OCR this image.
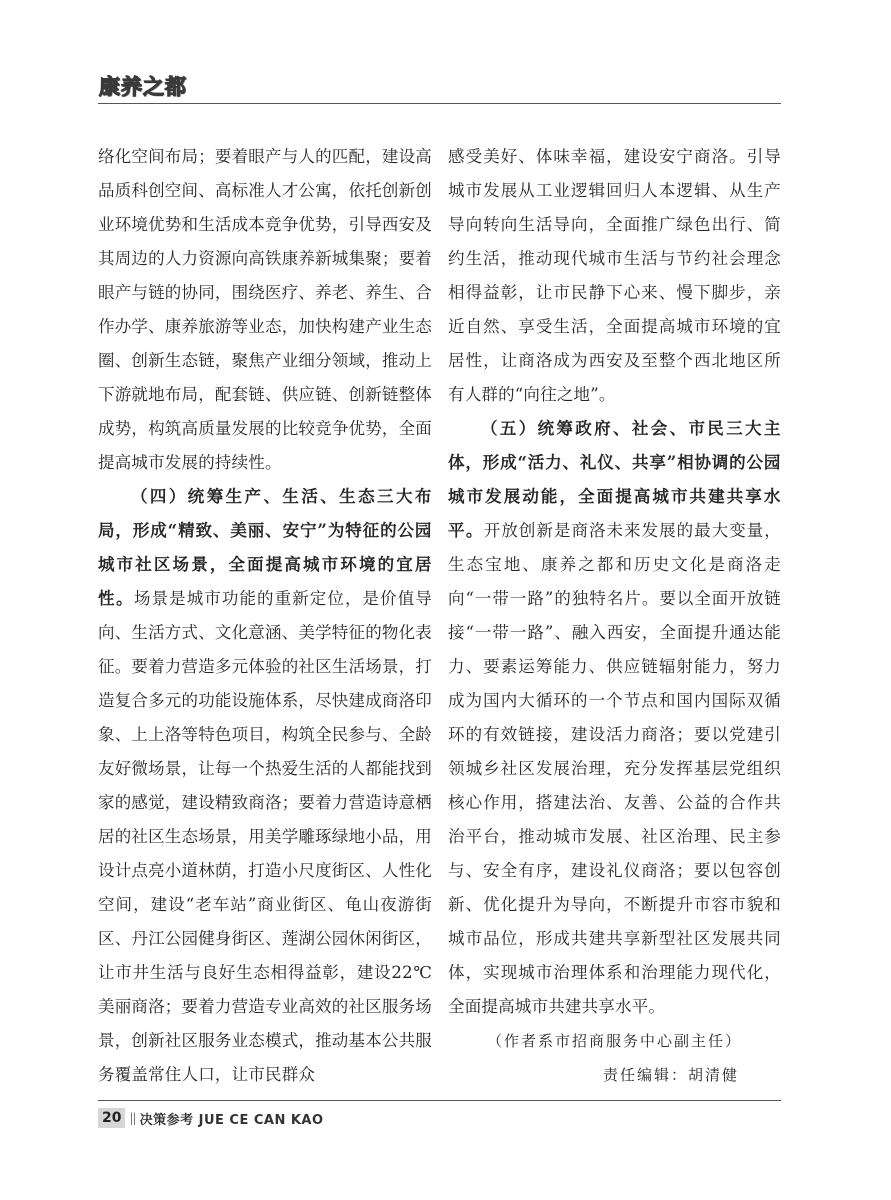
康养之都

络化空间布局；要着眼产与人的匹配，建设高品质科创空间、高标准人才公寓，依托创新创业环境优势和生活成本竞争优势，引导西安及其周边的人力资源向高铁康养新城集聚；要着眼产与链的协同，围绕医疗、养老、养生、合作办学、康养旅游等业态，加快构建产业生态圈、创新生态链，聚焦产业细分领域，推动上下游就地布局，配套链、供应链、创新链整体成势，构筑高质量发展的比较竞争优势，全面提高城市发展的持续性。

（四）统筹生产、生活、生态三大布局，形成“精致、美丽、安宁”为特征的公园城市社区场景，全面提高城市环境的宜居性。场景是城市功能的重新定位，是价值导向、生活方式、文化意涵、美学特征的物化表征。要着力营造多元体验的社区生活场景，打造复合多元的功能设施体系，尽快建成商洛印象、上上洛等特色项目，构筑全民参与、全龄友好微场景，让每一个热爱生活的人都能找到家的感觉，建设精致商洛；要着力营造诗意栖居的社区生态场景，用美学雕琢绿地小品，用设计点亮小道林荫，打造小尺度街区、人性化空间，建设“老车站”商业街区、龟山夜游街区、丹江公园健身街区、莲湖公园休闲街区，让市井生活与良好生态相得益彰，建设22℃美丽商洛；要着力营造专业高效的社区服务场景，创新社区服务业态模式，推动基本公共服务覆盖常住人口，让市民群众

感受美好、体味幸福，建设安宁商洛。引导城市发展从工业逻辑回归人本逻辑、从生产导向转向生活导向，全面推广绿色出行、简约生活，推动现代城市生活与节约社会理念相得益彰，让市民静下心来、慢下脚步，亲近自然、享受生活，全面提高城市环境的宜居性，让商洛成为西安及至整个西北地区所有人群的“向往之地”。

（五）统筹政府、社会、市民三大主体，形成“活力、礼仪、共享”相协调的公园城市发展动能，全面提高城市共建共享水平。开放创新是商洛未来发展的最大变量，生态宝地、康养之都和历史文化是商洛走向“一带一路”的独特名片。要以全面开放链接“一带一路”、融入西安，全面提升通达能力、要素运筹能力、供应链辐射能力，努力成为国内大循环的一个节点和国内国际双循环的有效链接，建设活力商洛；要以党建引领城乡社区发展治理，充分发挥基层党组织核心作用，搭建法治、友善、公益的合作共治平台，推动城市发展、社区治理、民主参与、安全有序，建设礼仪商洛；要以包容创新、优化提升为导向，不断提升市容市貌和城市品位，形成共建共享新型社区发展共同体，实现城市治理体系和治理能力现代化，全面提高城市共建共享水平。

（作者系市招商服务中心副主任）

责任编辑：胡清健

20 || 决策参考 JUE CE CAN KAO
